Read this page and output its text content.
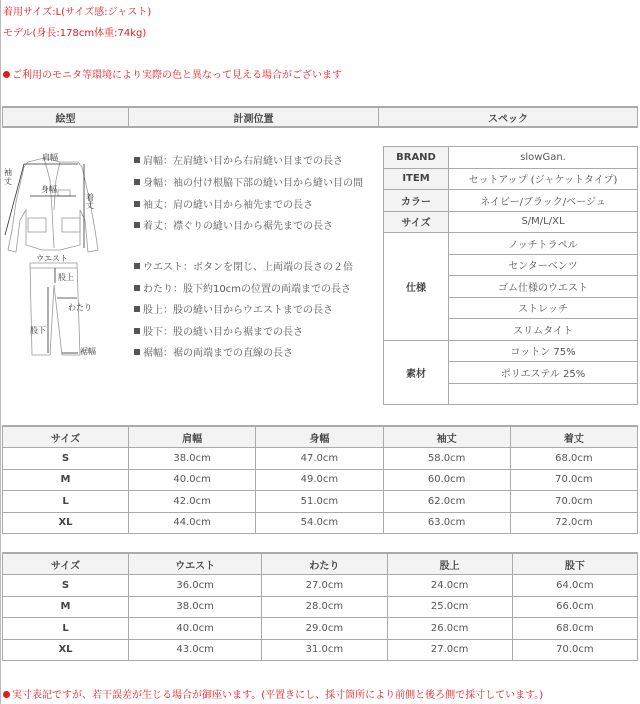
着用サイズ:L(サイズ感:ジャスト)
モデル(身長:178cm体重:74kg)
ご利用のモニタ等環境により実際の色と異なって見える場合がございます
絵型	計測位置	スペック
肩幅
身幅
袖
丈
着
丈
ウエスト
股上
わたり
股下
裾幅
肩幅：左肩縫い目から右肩縫い目までの長さ
身幅：袖の付け根脇下部の縫い目から縫い目の間
袖丈：肩の縫い目から袖先までの長さ
着丈：襟ぐりの縫い目から裾先までの長さ
ウエスト：ボタンを閉じ、上両端の長さの２倍
わたり：股下約10cmの位置の両端までの長さ
股上：股の縫い目からウエストまでの長さ
股下：股の縫い目から裾までの長さ
裾幅：裾の両端までの直線の長さ
BRAND	slowGan.
ITEM	セットアップ (ジャケットタイプ)
カラー	ネイビー/ブラック/ベージュ
サイズ	S/M/L/XL
仕様	ノッチトラペル
	センターベンツ
	ゴム仕様のウエスト
	ストレッチ
	スリムタイト
素材	コットン 75%
	ポリエステル 25%

サイズ	肩幅	身幅	袖丈	着丈
S	38.0cm	47.0cm	58.0cm	68.0cm
M	40.0cm	49.0cm	60.0cm	70.0cm
L	42.0cm	51.0cm	62.0cm	70.0cm
XL	44.0cm	54.0cm	63.0cm	72.0cm
サイズ	ウエスト	わたり	股上	股下
S	36.0cm	27.0cm	24.0cm	64.0cm
M	38.0cm	28.0cm	25.0cm	66.0cm
L	40.0cm	29.0cm	26.0cm	68.0cm
XL	43.0cm	31.0cm	27.0cm	70.0cm
実寸表記ですが、若干誤差が生じる場合が御座います。(平置きにし、採寸箇所により前側と後ろ側で採寸しています。)
